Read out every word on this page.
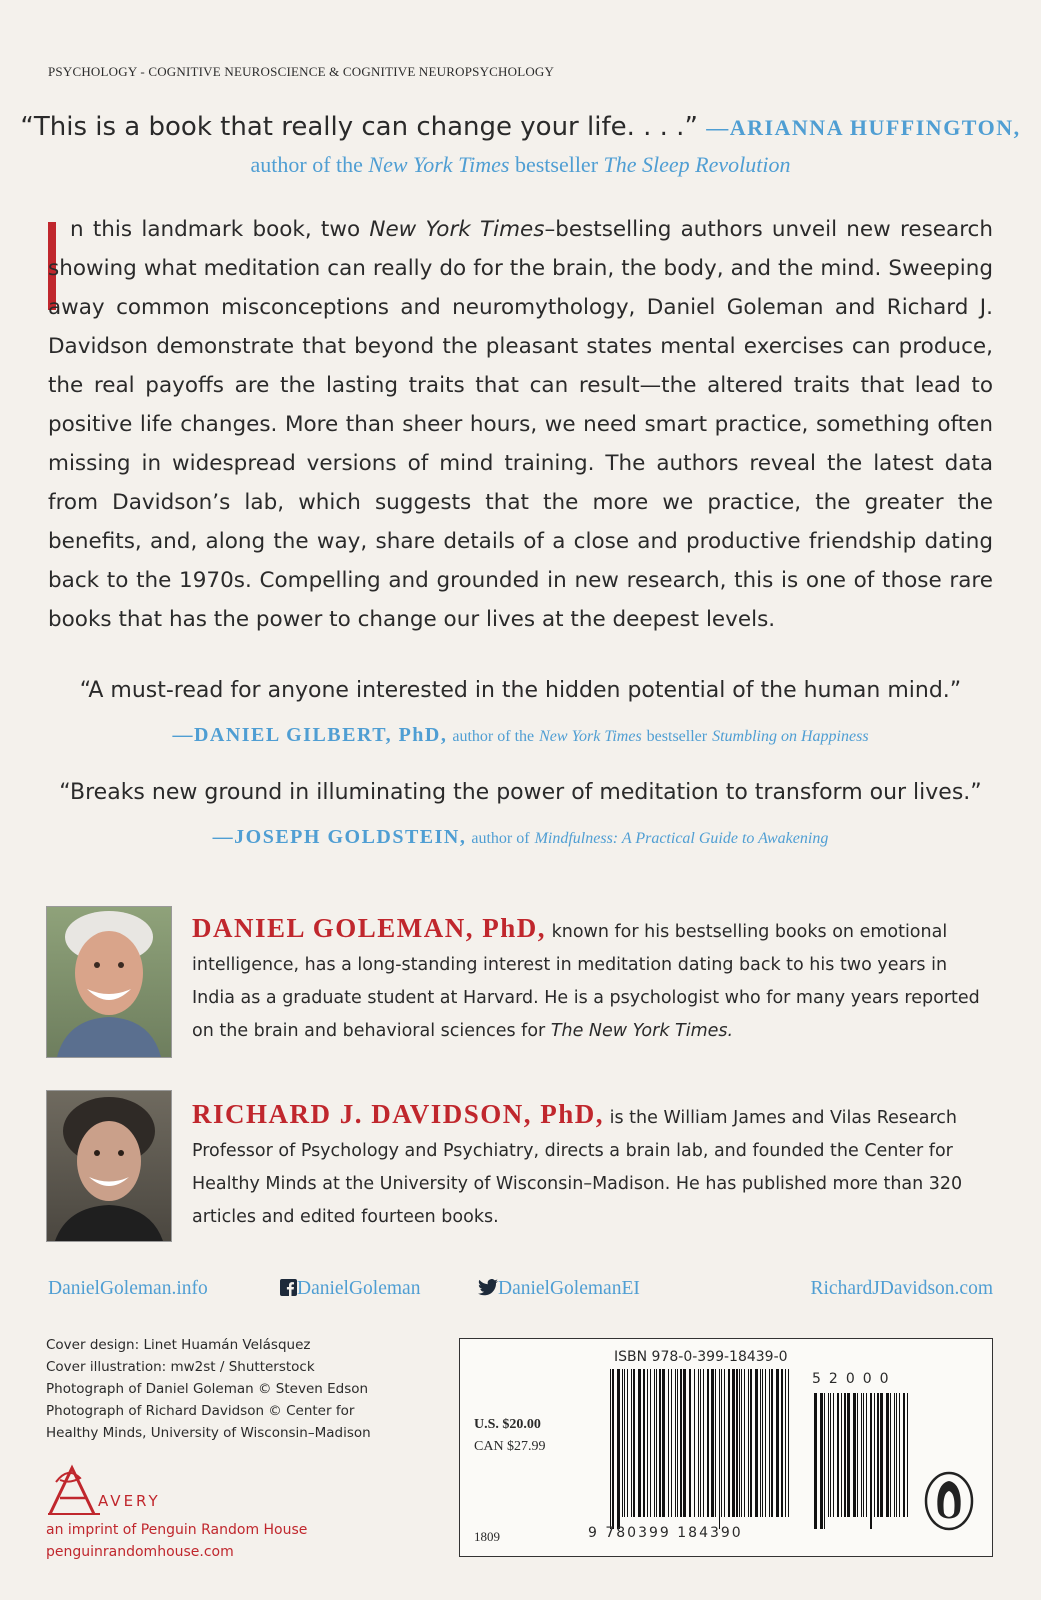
PSYCHOLOGY - COGNITIVE NEUROSCIENCE & COGNITIVE NEUROPSYCHOLOGY
“This is a book that really can change your life. . . .” —ARIANNA HUFFINGTON,
author of the New York Times bestseller The Sleep Revolution
n this landmark book, two New York Times–bestselling authors unveil new research showing what meditation can really do for the brain, the body, and the mind. Sweeping away common misconceptions and neuromythology, Daniel Goleman and Richard J. Davidson demonstrate that beyond the pleasant states mental exercises can produce, the real payoffs are the lasting traits that can result—the altered traits that lead to positive life changes. More than sheer hours, we need smart practice, something often missing in widespread versions of mind training. The authors reveal the latest data from Davidson’s lab, which suggests that the more we practice, the greater the benefits, and, along the way, share details of a close and productive friendship dating back to the 1970s. Compelling and grounded in new research, this is one of those rare books that has the power to change our lives at the deepest levels.
“A must-read for anyone interested in the hidden potential of the human mind.”
—DANIEL GILBERT, PhD, author of the New York Times bestseller Stumbling on Happiness
“Breaks new ground in illuminating the power of meditation to transform our lives.”
—JOSEPH GOLDSTEIN, author of Mindfulness: A Practical Guide to Awakening
DANIEL GOLEMAN, PhD, known for his bestselling books on emotional intelligence, has a long-standing interest in meditation dating back to his two years in India as a graduate student at Harvard. He is a psychologist who for many years reported on the brain and behavioral sciences for The New York Times.
RICHARD J. DAVIDSON, PhD, is the William James and Vilas Research Professor of Psychology and Psychiatry, directs a brain lab, and founded the Center for Healthy Minds at the University of Wisconsin–Madison. He has published more than 320 articles and edited fourteen books.
DanielGoleman.info	DanielGoleman	DanielGolemanEI	RichardJDavidson.com
Cover design: Linet Huamán Velásquez
Cover illustration: mw2st / Shutterstock
Photograph of Daniel Goleman © Steven Edson
Photograph of Richard Davidson © Center for
Healthy Minds, University of Wisconsin–Madison
AVERY
an imprint of Penguin Random House
penguinrandomhouse.com
ISBN 978-0-399-18439-0
U.S. $20.00
CAN $27.99
1809	9 780399 184390
52000
